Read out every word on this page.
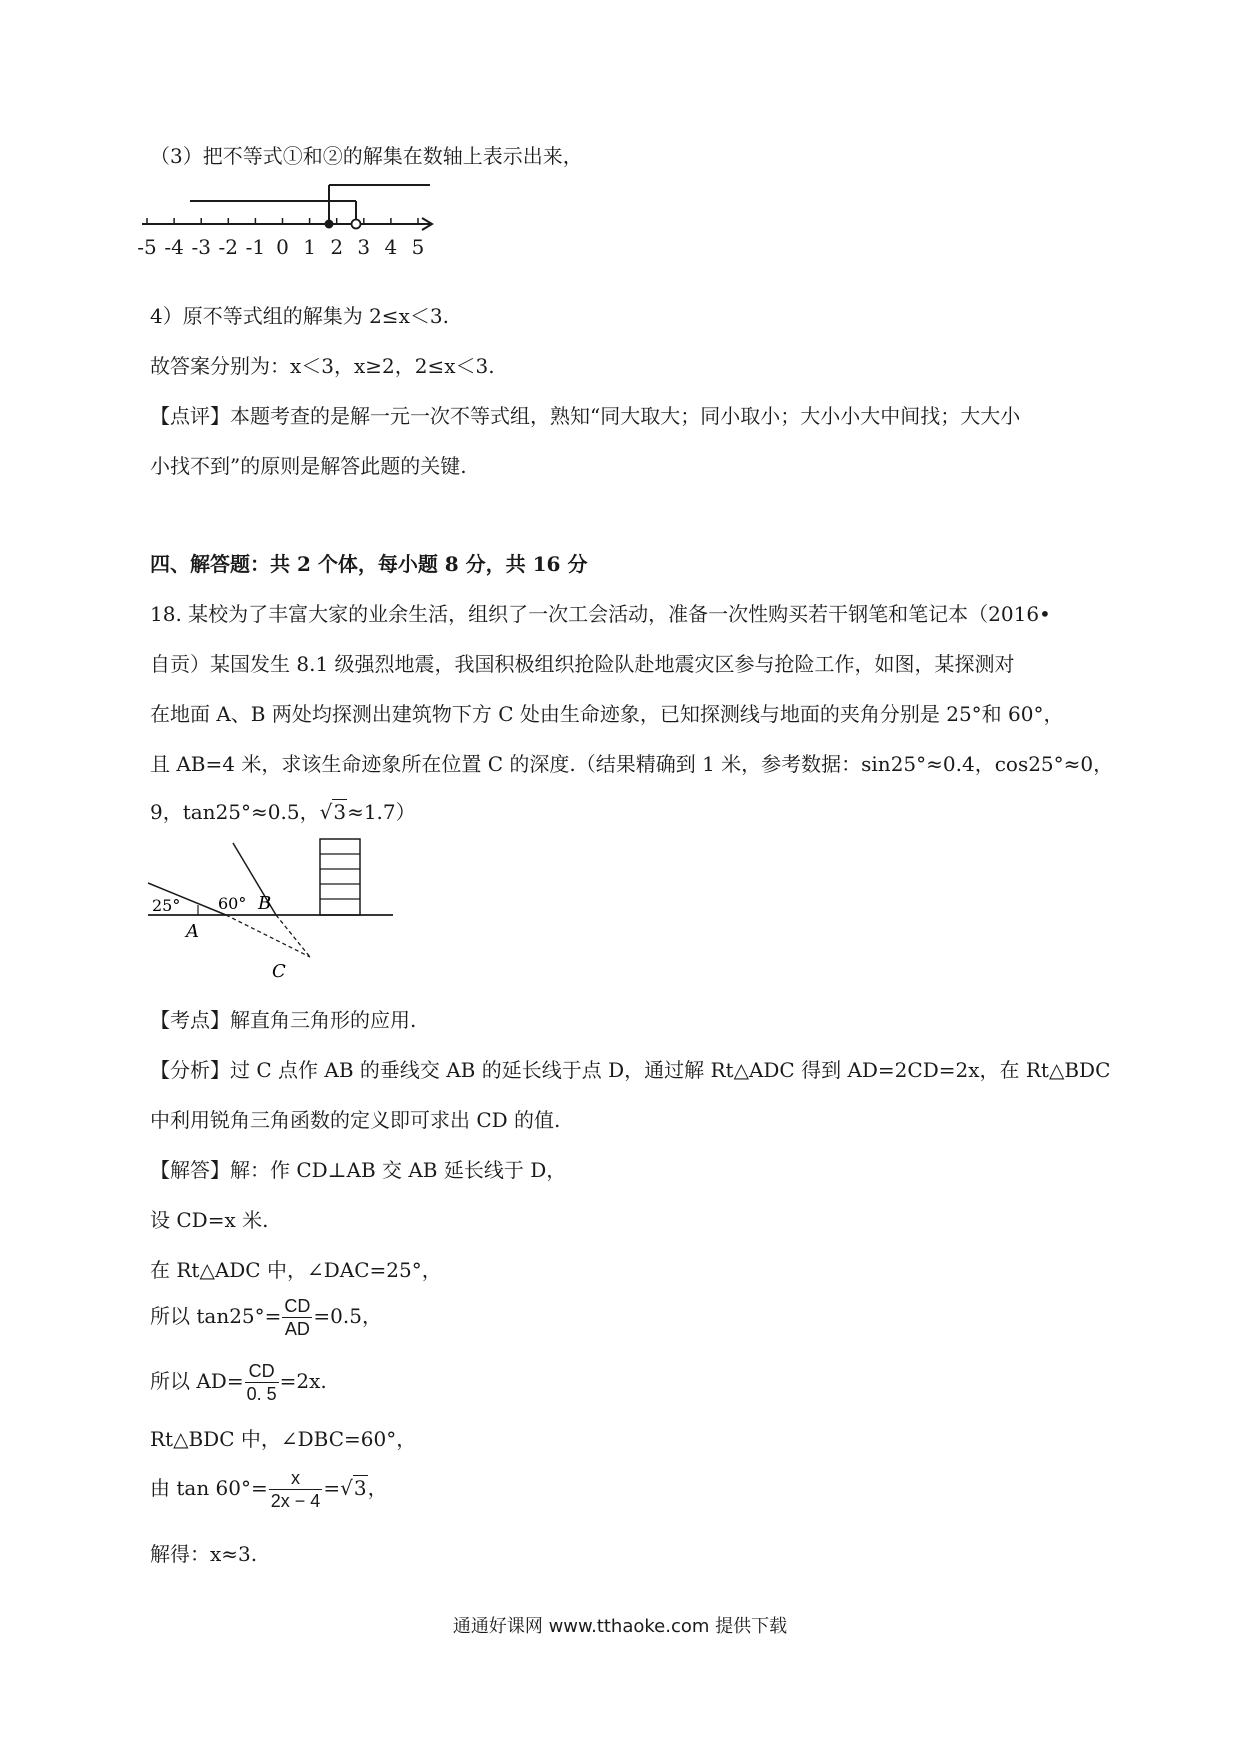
（3）把不等式①和②的解集在数轴上表示出来，
-5 -4 -3 -2 -1 0 1 2 3 4 5
4）原不等式组的解集为 2≤x＜3.
故答案分别为：x＜3，x≥2，2≤x＜3.
【点评】本题考查的是解一元一次不等式组，熟知“同大取大；同小取小；大小小大中间找；大大小
小找不到”的原则是解答此题的关键.
四、解答题：共 2 个体，每小题 8 分，共 16 分
18. 某校为了丰富大家的业余生活，组织了一次工会活动，准备一次性购买若干钢笔和笔记本（2016•
自贡）某国发生 8.1 级强烈地震，我国积极组织抢险队赴地震灾区参与抢险工作，如图，某探测对
在地面 A、B 两处均探测出建筑物下方 C 处由生命迹象，已知探测线与地面的夹角分别是 25°和 60°，
且 AB=4 米，求该生命迹象所在位置 C 的深度.（结果精确到 1 米，参考数据：sin25°≈0.4，cos25°≈0，
9，tan25°≈0.5，√3≈1.7）
25° 60° B
A
C
【考点】解直角三角形的应用.
【分析】过 C 点作 AB 的垂线交 AB 的延长线于点 D，通过解 Rt△ADC 得到 AD=2CD=2x，在 Rt△BDC
中利用锐角三角函数的定义即可求出 CD 的值.
【解答】解：作 CD⊥AB 交 AB 延长线于 D，
设 CD=x 米.
在 Rt△ADC 中，∠DAC=25°，
所以 $\tan 25^\circ= \frac{CD}{AD} =0.5$，
所以 $AD= \frac{CD}{0. 5} =2x$.
Rt△BDC 中，∠DBC=60°，
由 $\tan 60^\circ= \frac{x}{2x - 4} =√3$，
解得：x≈3.
通通好课网 www.tthaoke.com 提供下载
